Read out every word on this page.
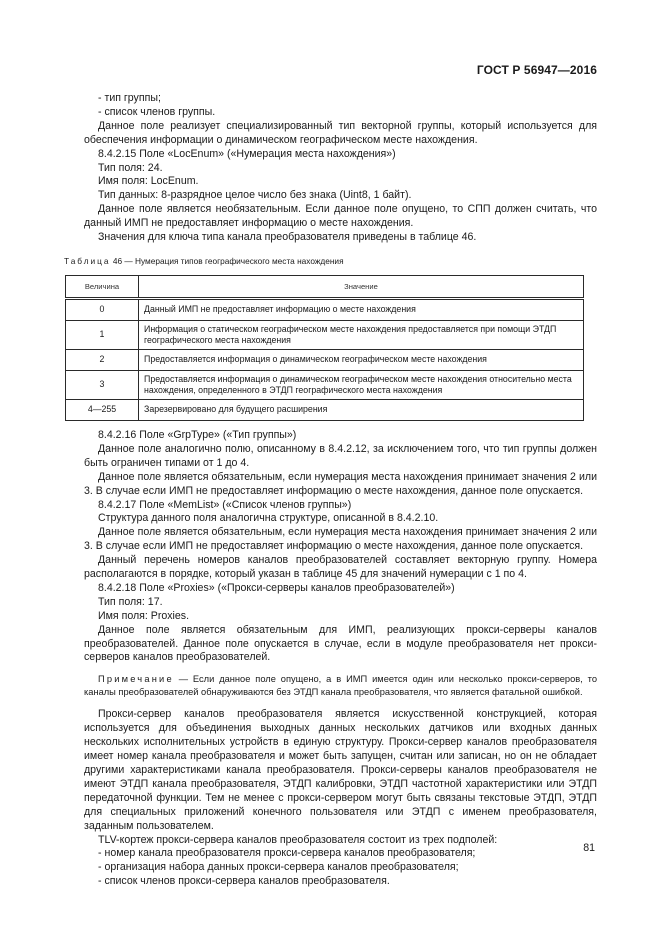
ГОСТ Р 56947—2016

- тип группы;

- список членов группы.

Данное поле реализует специализированный тип векторной группы, который используется для обеспечения информации о динамическом географическом месте нахождения.

8.4.2.15 Поле «LocEnum» («Нумерация места нахождения»)

Тип поля: 24.

Имя поля: LocEnum.

Тип данных: 8-разрядное целое число без знака (Uint8, 1 байт).

Данное поле является необязательным. Если данное поле опущено, то СПП должен считать, что данный ИМП не предоставляет информацию о месте нахождения.

Значения для ключа типа канала преобразователя приведены в таблице 46.

Таблица 46 — Нумерация типов географического места нахождения
Величина	Значение
0	Данный ИМП не предоставляет информацию о месте нахождения
1	Информация о статическом географическом месте нахождения предоставляется при помощи ЭТДП географического места нахождения
2	Предоставляется информация о динамическом географическом месте нахождения
3	Предоставляется информация о динамическом географическом месте нахождения относительно места нахождения, определенного в ЭТДП географического места нахождения
4—255	Зарезервировано для будущего расширения

8.4.2.16 Поле «GrpType» («Тип группы»)

Данное поле аналогично полю, описанному в 8.4.2.12, за исключением того, что тип группы должен быть ограничен типами от 1 до 4.

Данное поле является обязательным, если нумерация места нахождения принимает значения 2 или 3. В случае если ИМП не предоставляет информацию о месте нахождения, данное поле опускается.

8.4.2.17 Поле «MemList» («Список членов группы»)

Структура данного поля аналогична структуре, описанной в 8.4.2.10.

Данное поле является обязательным, если нумерация места нахождения принимает значения 2 или 3. В случае если ИМП не предоставляет информацию о месте нахождения, данное поле опускается.

Данный перечень номеров каналов преобразователей составляет векторную группу. Номера располагаются в порядке, который указан в таблице 45 для значений нумерации с 1 по 4.

8.4.2.18 Поле «Proxies» («Прокси-серверы каналов преобразователей»)

Тип поля: 17.

Имя поля: Proxies.

Данное поле является обязательным для ИМП, реализующих прокси-серверы каналов преобразователей. Данное поле опускается в случае, если в модуле преобразователя нет прокси-серверов каналов преобразователей.

Примечание — Если данное поле опущено, а в ИМП имеется один или несколько прокси-серверов, то каналы преобразователей обнаруживаются без ЭТДП канала преобразователя, что является фатальной ошибкой.

Прокси-сервер каналов преобразователя является искусственной конструкцией, которая используется для объединения выходных данных нескольких датчиков или входных данных нескольких исполнительных устройств в единую структуру. Прокси-сервер каналов преобразователя имеет номер канала преобразователя и может быть запущен, считан или записан, но он не обладает другими характеристиками канала преобразователя. Прокси-серверы каналов преобразователя не имеют ЭТДП канала преобразователя, ЭТДП калибровки, ЭТДП частотной характеристики или ЭТДП передаточной функции. Тем не менее с прокси-сервером могут быть связаны текстовые ЭТДП, ЭТДП для специальных приложений конечного пользователя или ЭТДП с именем преобразователя, заданным пользователем.

TLV-кортеж прокси-сервера каналов преобразователя состоит из трех подполей:

- номер канала преобразователя прокси-сервера каналов преобразователя;

- организация набора данных прокси-сервера каналов преобразователя;

- список членов прокси-сервера каналов преобразователя.

81
